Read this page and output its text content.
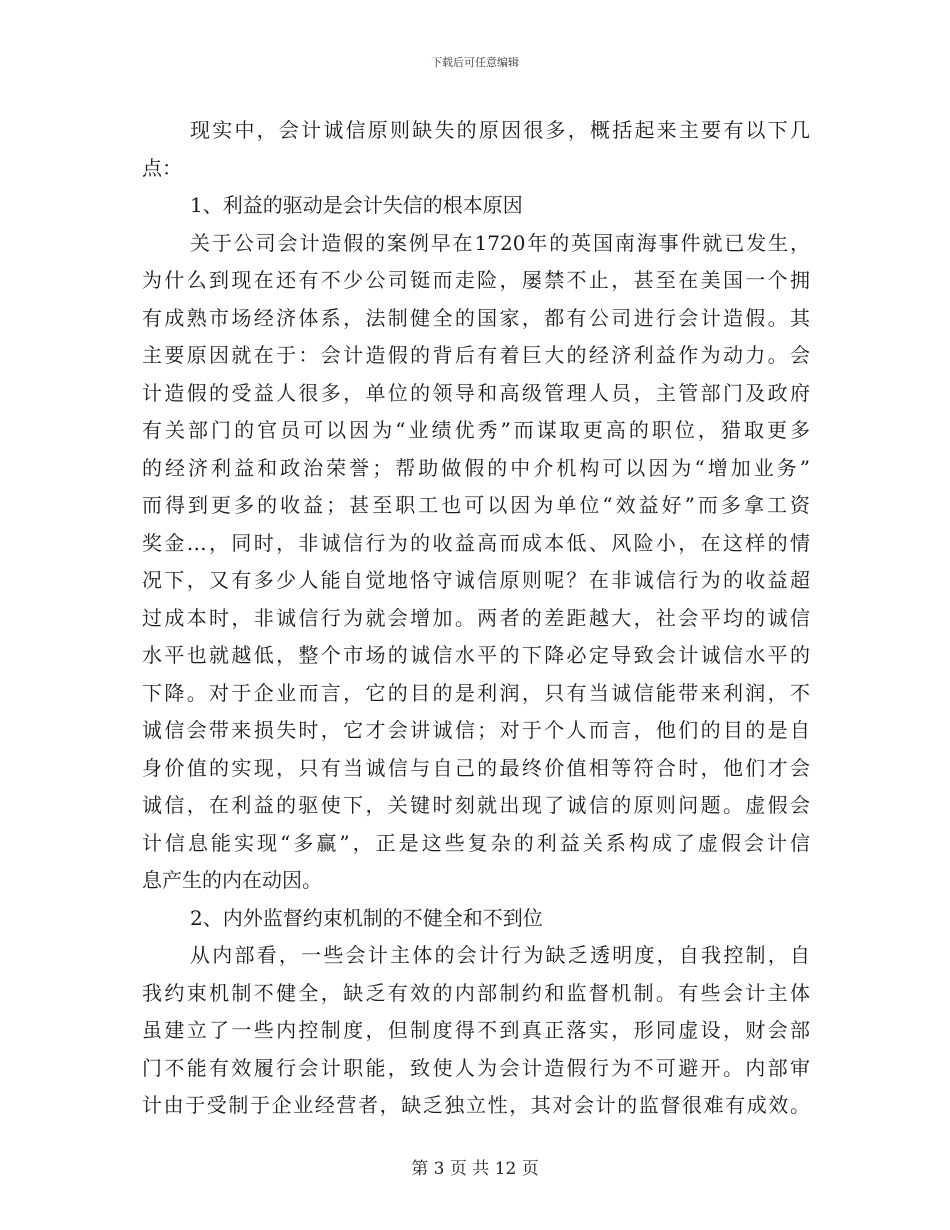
下载后可任意编辑
现实中，会计诚信原则缺失的原因很多，概括起来主要有以下几
点：
1、利益的驱动是会计失信的根本原因
关于公司会计造假的案例早在1720年的英国南海事件就已发生，
为什么到现在还有不少公司铤而走险，屡禁不止，甚至在美国一个拥
有成熟市场经济体系，法制健全的国家，都有公司进行会计造假。其
主要原因就在于：会计造假的背后有着巨大的经济利益作为动力。会
计造假的受益人很多，单位的领导和高级管理人员，主管部门及政府
有关部门的官员可以因为“业绩优秀”而谋取更高的职位，猎取更多
的经济利益和政治荣誉；帮助做假的中介机构可以因为“增加业务”
而得到更多的收益；甚至职工也可以因为单位“效益好”而多拿工资
奖金…，同时，非诚信行为的收益高而成本低、风险小，在这样的情
况下，又有多少人能自觉地恪守诚信原则呢？在非诚信行为的收益超
过成本时，非诚信行为就会增加。两者的差距越大，社会平均的诚信
水平也就越低，整个市场的诚信水平的下降必定导致会计诚信水平的
下降。对于企业而言，它的目的是利润，只有当诚信能带来利润，不
诚信会带来损失时，它才会讲诚信；对于个人而言，他们的目的是自
身价值的实现，只有当诚信与自己的最终价值相等符合时，他们才会
诚信，在利益的驱使下，关键时刻就出现了诚信的原则问题。虚假会
计信息能实现“多赢”，正是这些复杂的利益关系构成了虚假会计信
息产生的内在动因。
2、内外监督约束机制的不健全和不到位
从内部看，一些会计主体的会计行为缺乏透明度，自我控制，自
我约束机制不健全，缺乏有效的内部制约和监督机制。有些会计主体
虽建立了一些内控制度，但制度得不到真正落实，形同虚设，财会部
门不能有效履行会计职能，致使人为会计造假行为不可避开。内部审
计由于受制于企业经营者，缺乏独立性，其对会计的监督很难有成效。
第 3 页 共 12 页
